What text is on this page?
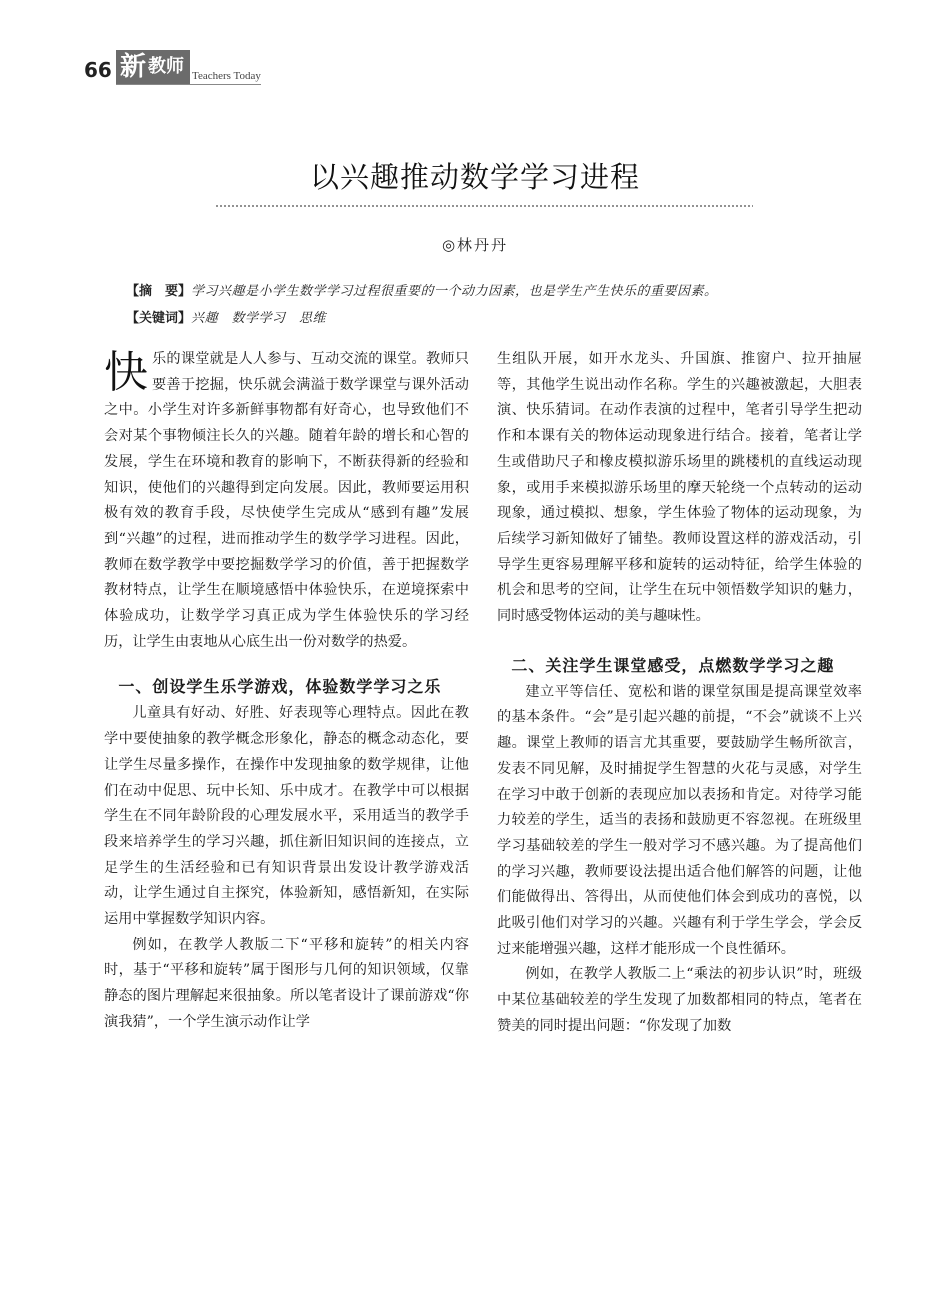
66 新 教师 Teachers Today
以兴趣推动数学学习进程
◎林丹丹
【摘　要】学习兴趣是小学生数学学习过程很重要的一个动力因素，也是学生产生快乐的重要因素。
【关键词】兴趣　数学学习　思维

快乐的课堂就是人人参与、互动交流的课堂。教师只要善于挖掘，快乐就会满溢于数学课堂与课外活动之中。小学生对许多新鲜事物都有好奇心，也导致他们不会对某个事物倾注长久的兴趣。随着年龄的增长和心智的发展，学生在环境和教育的影响下，不断获得新的经验和知识，使他们的兴趣得到定向发展。因此，教师要运用积极有效的教育手段，尽快使学生完成从“感到有趣”发展到“兴趣”的过程，进而推动学生的数学学习进程。因此，教师在数学教学中要挖掘数学学习的价值，善于把握数学教材特点，让学生在顺境感悟中体验快乐，在逆境探索中体验成功，让数学学习真正成为学生体验快乐的学习经历，让学生由衷地从心底生出一份对数学的热爱。

一、创设学生乐学游戏，体验数学学习之乐

儿童具有好动、好胜、好表现等心理特点。因此在教学中要使抽象的教学概念形象化，静态的概念动态化，要让学生尽量多操作，在操作中发现抽象的数学规律，让他们在动中促思、玩中长知、乐中成才。在教学中可以根据学生在不同年龄阶段的心理发展水平，采用适当的教学手段来培养学生的学习兴趣，抓住新旧知识间的连接点，立足学生的生活经验和已有知识背景出发设计教学游戏活动，让学生通过自主探究，体验新知，感悟新知，在实际运用中掌握数学知识内容。

例如，在教学人教版二下“平移和旋转”的相关内容时，基于“平移和旋转”属于图形与几何的知识领域，仅靠静态的图片理解起来很抽象。所以笔者设计了课前游戏“你演我猜”，一个学生演示动作让学

生组队开展，如开水龙头、升国旗、推窗户、拉开抽屉等，其他学生说出动作名称。学生的兴趣被激起，大胆表演、快乐猜词。在动作表演的过程中，笔者引导学生把动作和本课有关的物体运动现象进行结合。接着，笔者让学生或借助尺子和橡皮模拟游乐场里的跳楼机的直线运动现象，或用手来模拟游乐场里的摩天轮绕一个点转动的运动现象，通过模拟、想象，学生体验了物体的运动现象，为后续学习新知做好了铺垫。教师设置这样的游戏活动，引导学生更容易理解平移和旋转的运动特征，给学生体验的机会和思考的空间，让学生在玩中领悟数学知识的魅力，同时感受物体运动的美与趣味性。

二、关注学生课堂感受，点燃数学学习之趣

建立平等信任、宽松和谐的课堂氛围是提高课堂效率的基本条件。“会”是引起兴趣的前提，“不会”就谈不上兴趣。课堂上教师的语言尤其重要，要鼓励学生畅所欲言，发表不同见解，及时捕捉学生智慧的火花与灵感，对学生在学习中敢于创新的表现应加以表扬和肯定。对待学习能力较差的学生，适当的表扬和鼓励更不容忽视。在班级里学习基础较差的学生一般对学习不感兴趣。为了提高他们的学习兴趣，教师要设法提出适合他们解答的问题，让他们能做得出、答得出，从而使他们体会到成功的喜悦，以此吸引他们对学习的兴趣。兴趣有利于学生学会，学会反过来能增强兴趣，这样才能形成一个良性循环。

例如，在教学人教版二上“乘法的初步认识”时，班级中某位基础较差的学生发现了加数都相同的特点，笔者在赞美的同时提出问题：“你发现了加数
